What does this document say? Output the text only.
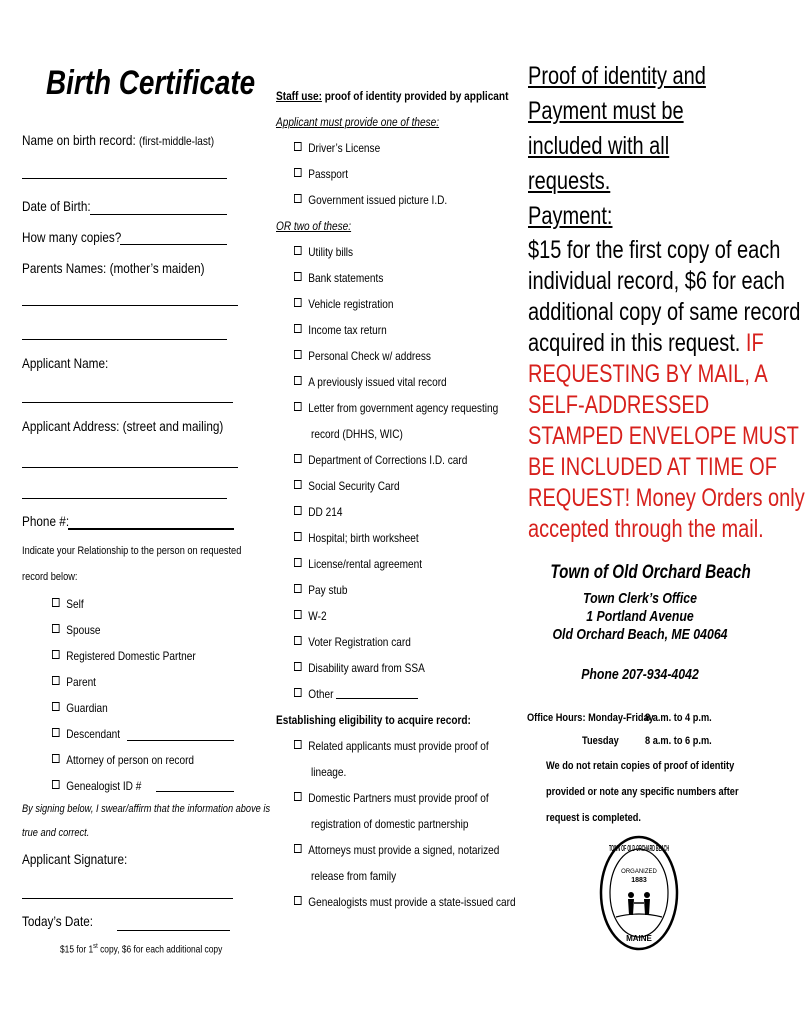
Birth Certificate
Name on birth record: (first-middle-last)
Date of Birth:
How many copies?
Parents Names: (mother’s maiden)
Applicant Name:
Applicant Address: (street and mailing)
Phone #:
Indicate your Relationship to the person on requested
record below:
Self
Spouse
Registered Domestic Partner
Parent
Guardian
Descendant
Attorney of person on record
Genealogist ID #
By signing below, I swear/affirm that the information above is
true and correct.
Applicant Signature:
Today’s Date:
$15 for 1st copy, $6 for each additional copy
Staff use: proof of identity provided by applicant
Applicant must provide one of these:
Driver’s License
Passport
Government issued picture I.D.
OR two of these:
Utility bills
Bank statements
Vehicle registration
Income tax return
Personal Check w/ address
A previously issued vital record
Letter from government agency requesting
record (DHHS, WIC)
Department of Corrections I.D. card
Social Security Card
DD 214
Hospital; birth worksheet
License/rental agreement
Pay stub
W-2
Voter Registration card
Disability award from SSA
Other
Establishing eligibility to acquire record:
Related applicants must provide proof of
lineage.
Domestic Partners must provide proof of
registration of domestic partnership
Attorneys must provide a signed, notarized
release from family
Genealogists must provide a state-issued card
Proof of identity and
Payment must be
included with all
requests.
Payment:
$15 for the first copy of each
individual record, $6 for each
additional copy of same record
acquired in this request. IF
REQUESTING BY MAIL, A
SELF-ADDRESSED
STAMPED ENVELOPE MUST
BE INCLUDED AT TIME OF
REQUEST! Money Orders only
accepted through the mail.
Town of Old Orchard Beach
Town Clerk’s Office
1 Portland Avenue
Old Orchard Beach, ME 04064
Phone 207-934-4042
Office Hours: Monday-Friday
8 a.m. to 4 p.m.
Tuesday 8 a.m. to 6 p.m.
We do not retain copies of proof of identity
provided or note any specific numbers after
request is completed.
TOWN OF OLD ORCHARD BEACH
ORGANIZED
1883
MAINE
